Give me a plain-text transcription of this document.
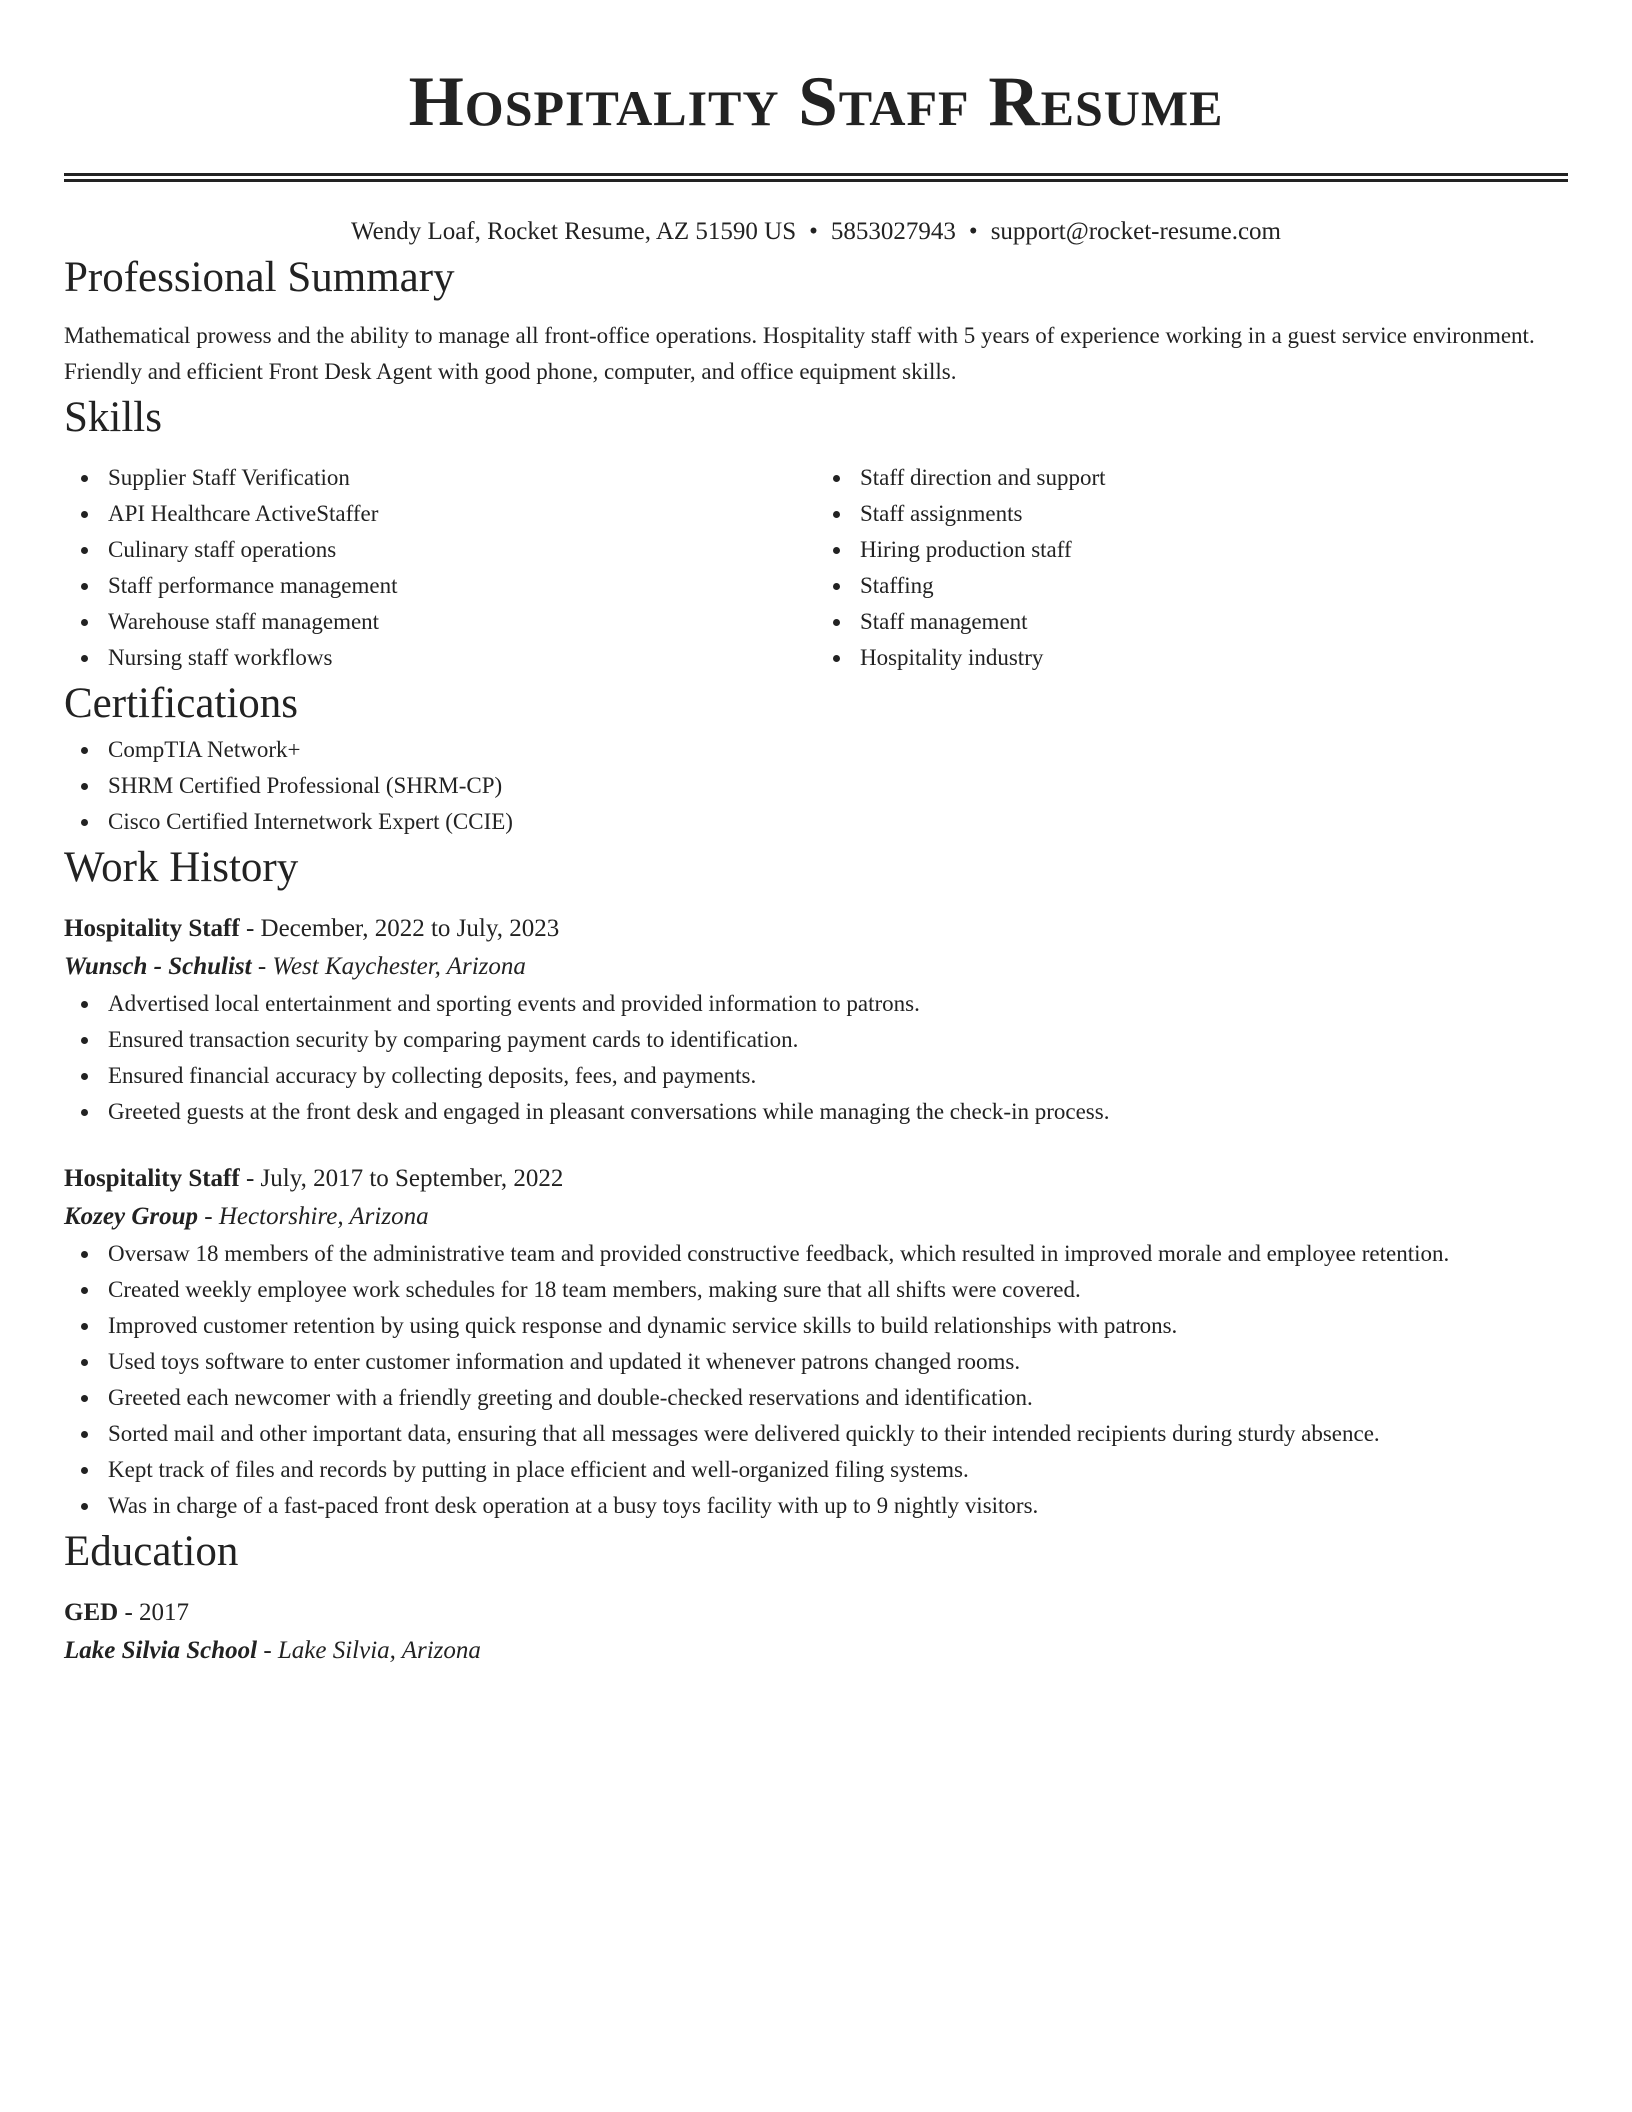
Hospitality Staff Resume
Wendy Loaf, Rocket Resume, AZ 51590 US • 5853027943 • support@rocket-resume.com
Professional Summary
Mathematical prowess and the ability to manage all front-office operations. Hospitality staff with 5 years of experience working in a guest service environment. Friendly and efficient Front Desk Agent with good phone, computer, and office equipment skills.
Skills
Supplier Staff Verification
API Healthcare ActiveStaffer
Culinary staff operations
Staff performance management
Warehouse staff management
Nursing staff workflows
Staff direction and support
Staff assignments
Hiring production staff
Staffing
Staff management
Hospitality industry
Certifications
CompTIA Network+
SHRM Certified Professional (SHRM-CP)
Cisco Certified Internetwork Expert (CCIE)
Work History
Hospitality Staff - December, 2022 to July, 2023
Wunsch - Schulist - West Kaychester, Arizona
Advertised local entertainment and sporting events and provided information to patrons.
Ensured transaction security by comparing payment cards to identification.
Ensured financial accuracy by collecting deposits, fees, and payments.
Greeted guests at the front desk and engaged in pleasant conversations while managing the check-in process.
Hospitality Staff - July, 2017 to September, 2022
Kozey Group - Hectorshire, Arizona
Oversaw 18 members of the administrative team and provided constructive feedback, which resulted in improved morale and employee retention.
Created weekly employee work schedules for 18 team members, making sure that all shifts were covered.
Improved customer retention by using quick response and dynamic service skills to build relationships with patrons.
Used toys software to enter customer information and updated it whenever patrons changed rooms.
Greeted each newcomer with a friendly greeting and double-checked reservations and identification.
Sorted mail and other important data, ensuring that all messages were delivered quickly to their intended recipients during sturdy absence.
Kept track of files and records by putting in place efficient and well-organized filing systems.
Was in charge of a fast-paced front desk operation at a busy toys facility with up to 9 nightly visitors.
Education
GED - 2017
Lake Silvia School - Lake Silvia, Arizona
